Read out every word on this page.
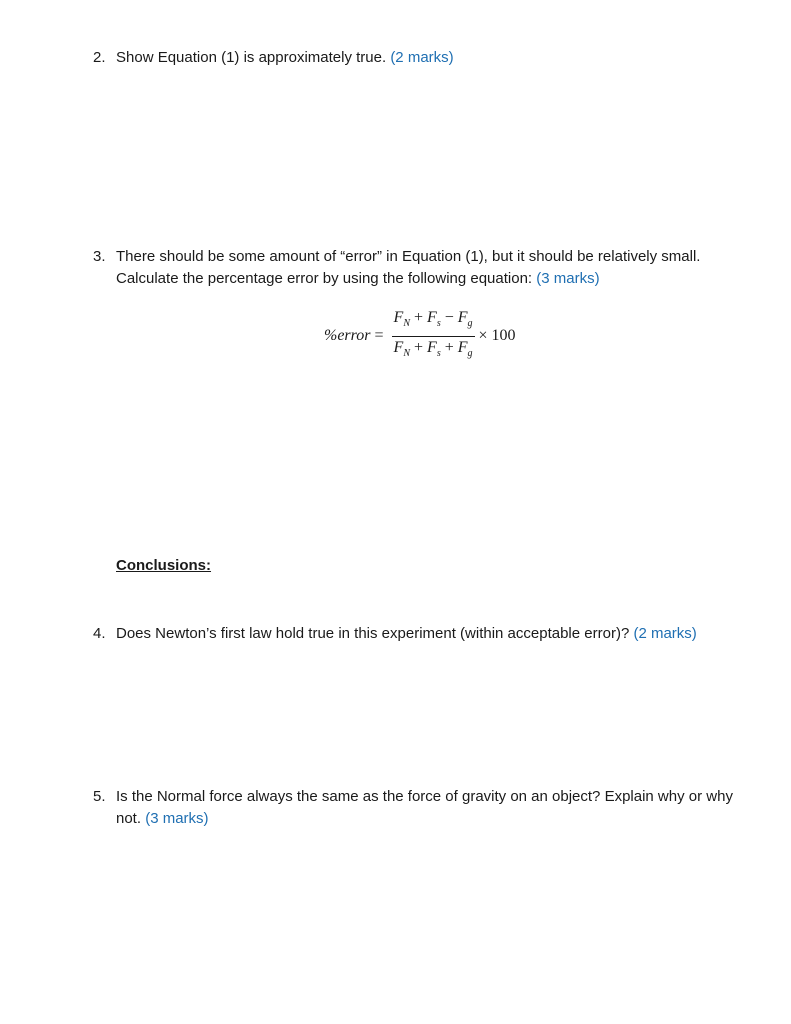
2. Show Equation (1) is approximately true. (2 marks)
3. There should be some amount of “error” in Equation (1), but it should be relatively small. Calculate the percentage error by using the following equation: (3 marks)
%error = $\frac{F_N + F_s - F_g}{F_N + F_s + F_g} \times 100$
Conclusions:
4. Does Newton’s first law hold true in this experiment (within acceptable error)? (2 marks)
5. Is the Normal force always the same as the force of gravity on an object? Explain why or why not. (3 marks)
